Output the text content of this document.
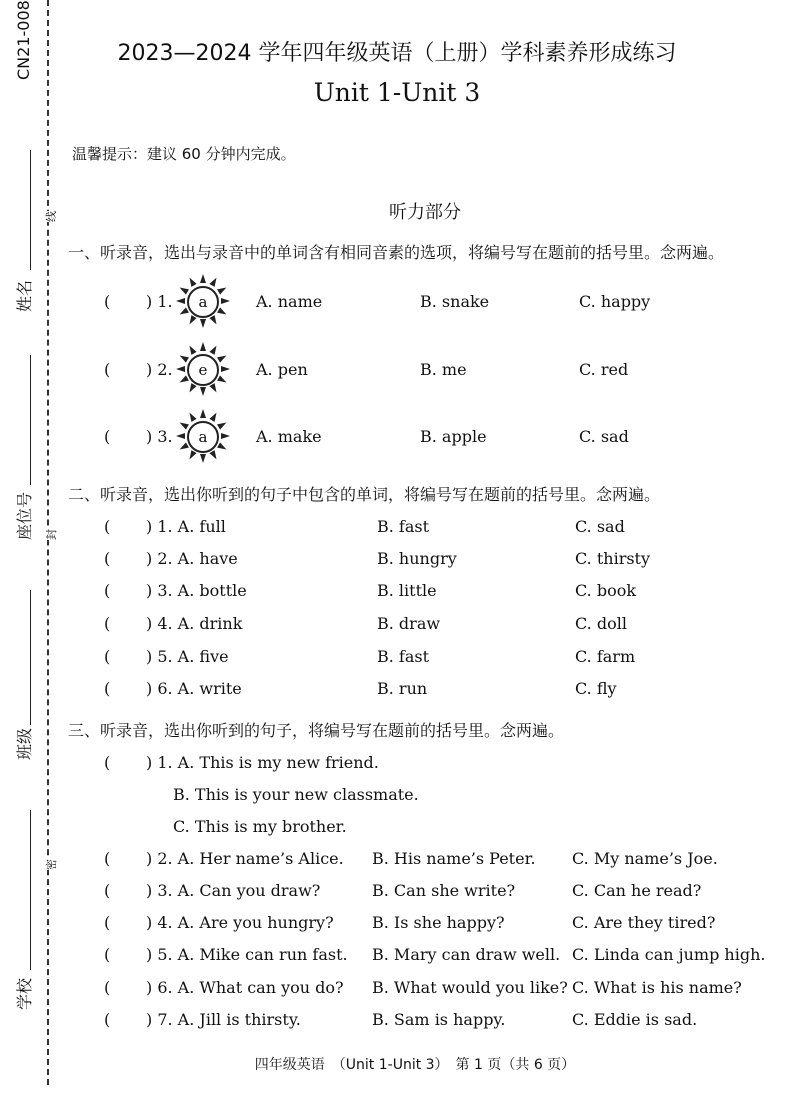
CN21-008
姓名
座位号
班级
学校
线
封
密
2023—2024 学年四年级英语（上册）学科素养形成练习
Unit 1-Unit 3
温馨提示：建议 60 分钟内完成。
听力部分
一、听录音，选出与录音中的单词含有相同音素的选项，将编号写在题前的括号里。念两遍。
( ) 1.	a	A. name	B. snake	C. happy
( ) 2.	e	A. pen	B. me	C. red
( ) 3.	a	A. make	B. apple	C. sad
二、听录音，选出你听到的句子中包含的单词，将编号写在题前的括号里。念两遍。
( ) 1. A. full	B. fast	C. sad
( ) 2. A. have	B. hungry	C. thirsty
( ) 3. A. bottle	B. little	C. book
( ) 4. A. drink	B. draw	C. doll
( ) 5. A. five	B. fast	C. farm
( ) 6. A. write	B. run	C. fly
三、听录音，选出你听到的句子，将编号写在题前的括号里。念两遍。
( ) 1. A. This is my new friend.
B. This is your new classmate.
C. This is my brother.
( ) 2. A. Her name’s Alice. B. His name’s Peter. C. My name’s Joe.
( ) 3. A. Can you draw?	B. Can she write?	C. Can he read?
( ) 4. A. Are you hungry? B. Is she happy?	C. Are they tired?
( ) 5. A. Mike can run fast. B. Mary can draw well. C. Linda can jump high.
( ) 6. A. What can you do? B. What would you like? C. What is his name?
( ) 7. A. Jill is thirsty.	B. Sam is happy.	C. Eddie is sad.
四年级英语　（Unit 1-Unit 3）　第 1 页（共 6 页）
